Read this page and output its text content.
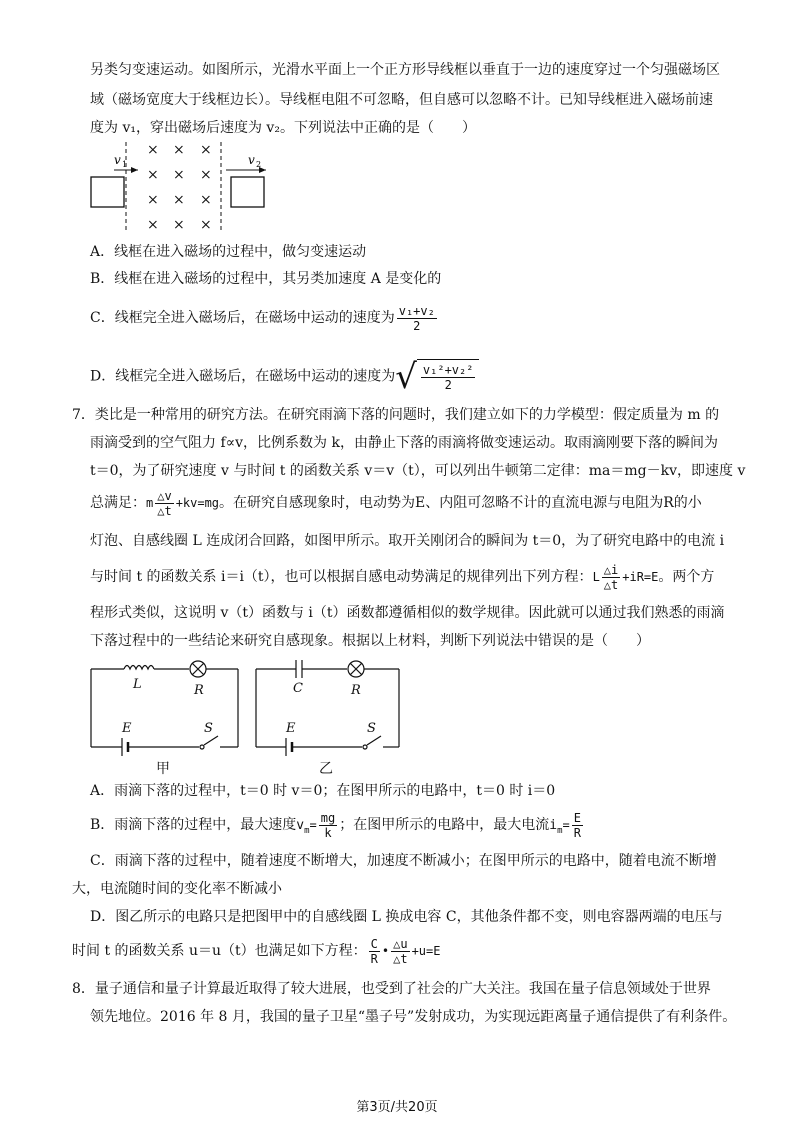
另类匀变速运动。如图所示，光滑水平面上一个正方形导线框以垂直于一边的速度穿过一个匀强磁场区
域（磁场宽度大于线框边长）。导线框电阻不可忽略，但自感可以忽略不计。已知导线框进入磁场前速
度为 v₁，穿出磁场后速度为 v₂。下列说法中正确的是（　　）
v 1
× × ×
× × ×
× × ×
× × ×
v 2
A．线框在进入磁场的过程中，做匀变速运动
B．线框在进入磁场的过程中，其另类加速度 A 是变化的
C．线框完全进入磁场后，在磁场中运动的速度为 $\frac{\text{v₁+v₂}}{2}$
D．线框完全进入磁场后，在磁场中运动的速度为√ $\frac{\text{v₁²+v₂²}}{2}$
7．类比是一种常用的研究方法。在研究雨滴下落的问题时，我们建立如下的力学模型：假定质量为 m 的
雨滴受到的空气阻力 f∝v，比例系数为 k，由静止下落的雨滴将做变速运动。取雨滴刚要下落的瞬间为
t＝0，为了研究速度 v 与时间 t 的函数关系 v＝v（t），可以列出牛顿第二定律：ma＝mg－kv，即速度 v
总满足：m $\frac{\triangle v}{\triangle t} +kv=mg$。在研究自感现象时，电动势为E、内阻可忽略不计的直流电源与电阻为R的小
灯泡、自感线圈 L 连成闭合回路，如图甲所示。取开关刚闭合的瞬间为 t＝0，为了研究电路中的电流 i
与时间 t 的函数关系 i＝i（t），也可以根据自感电动势满足的规律列出下列方程：L $\frac{\triangle i}{\triangle t} +iR=E$。两个方
程形式类似，这说明 v（t）函数与 i（t）函数都遵循相似的数学规律。因此就可以通过我们熟悉的雨滴
下落过程中的一些结论来研究自感现象。根据以上材料，判断下列说法中错误的是（　　）
L	R
E	S
甲
C	R
E	S
乙
A．雨滴下落的过程中，t＝0 时 v＝0；在图甲所示的电路中，t＝0 时 i＝0
B．雨滴下落的过程中，最大速度$v_m= \frac{mg}{k}$ ；在图甲所示的电路中，最大电流$i_m= \frac{E}{R}$
C．雨滴下落的过程中，随着速度不断增大，加速度不断减小；在图甲所示的电路中，随着电流不断增
大，电流随时间的变化率不断减小
D．图乙所示的电路只是把图甲中的自感线圈 L 换成电容 C，其他条件都不变，则电容器两端的电压与
时间 t 的函数关系 u＝u（t）也满足如下方程： $\frac{C}{R}$ • $\frac{\triangle u}{\triangle t} +u=E$
8．量子通信和量子计算最近取得了较大进展，也受到了社会的广大关注。我国在量子信息领域处于世界
领先地位。2016 年 8 月，我国的量子卫星“墨子号”发射成功，为实现远距离量子通信提供了有利条件。
第3页/共20页
